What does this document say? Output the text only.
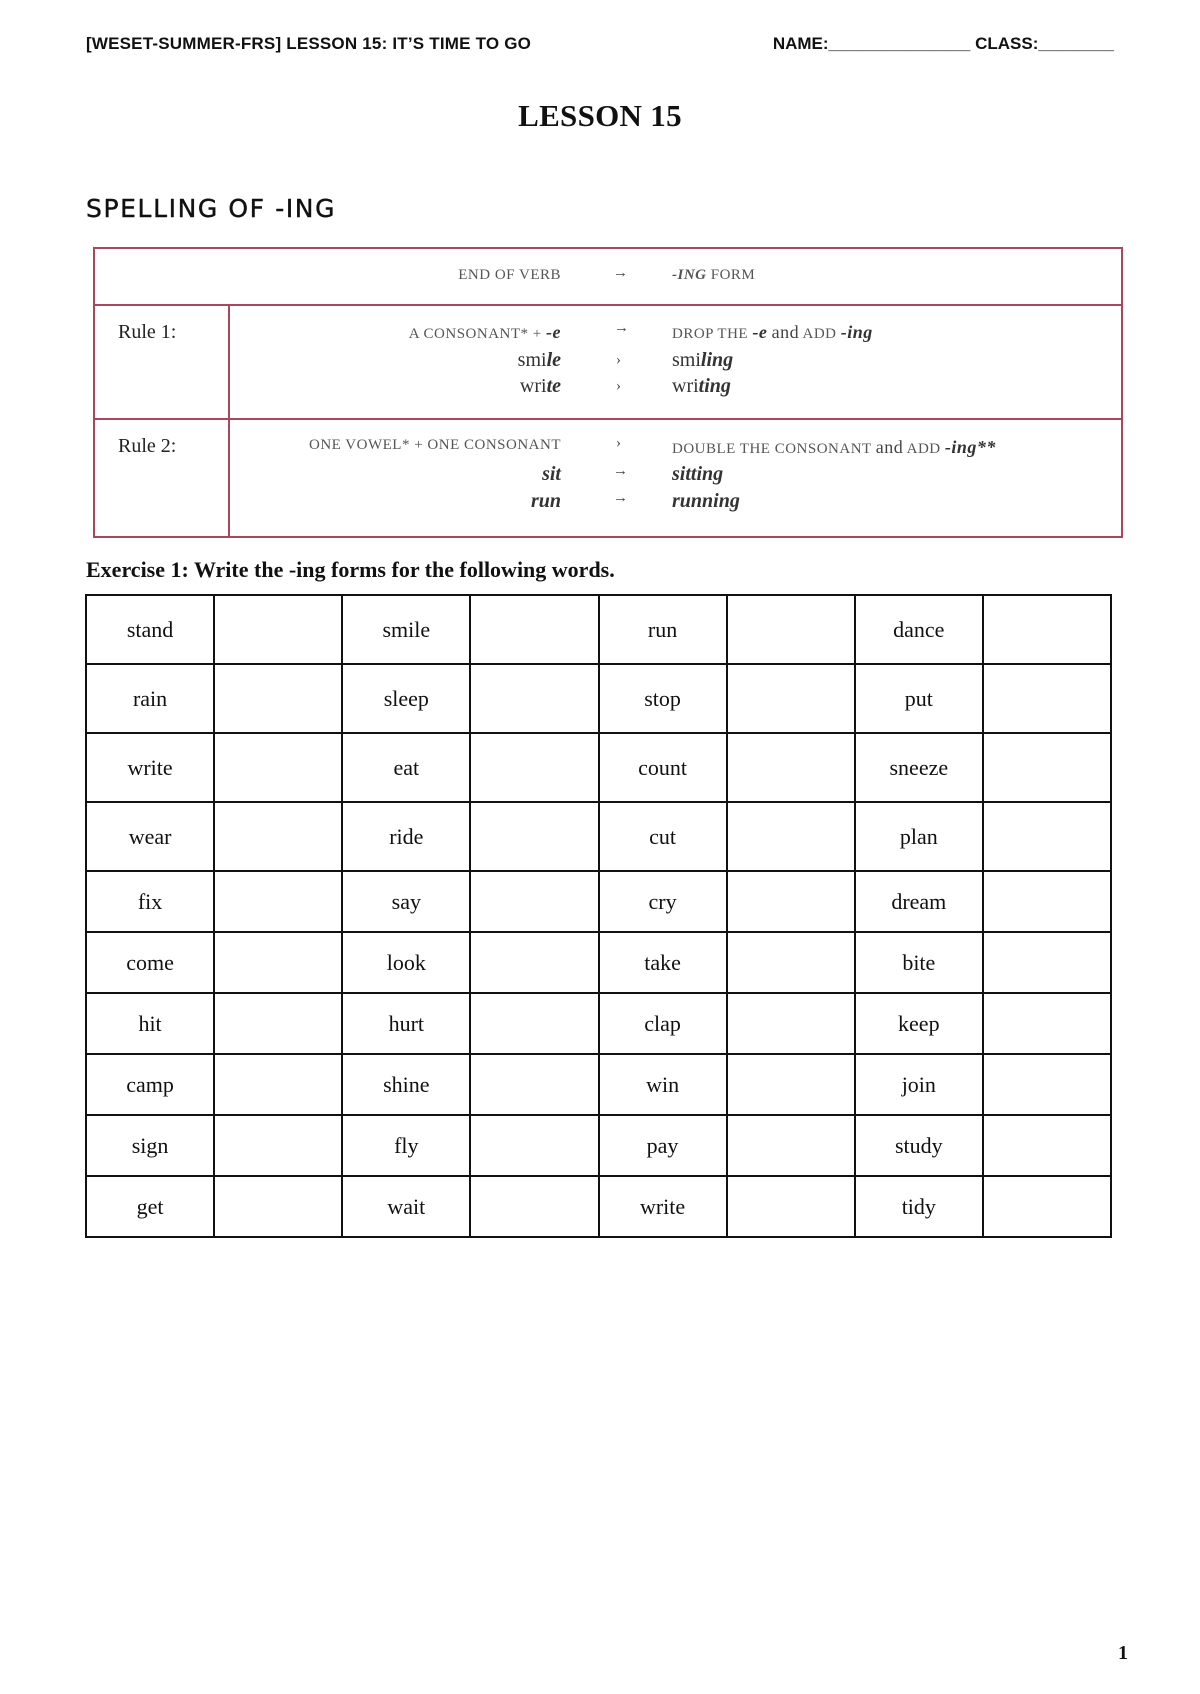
[WESET-SUMMER-FRS] LESSON 15: IT’S TIME TO GO	NAME:_______________ CLASS:________
LESSON 15
SPELLING OF -ING
END OF VERB	→	-ING FORM
Rule 1:	A CONSONANT* + -e	→	DROP THE -e and ADD -ing
smile	›	smiling
write	›	writing
Rule 2:	ONE VOWEL* + ONE CONSONANT	›	DOUBLE THE CONSONANT and ADD -ing**
sit	→ sitting
run	→ running
Exercise 1: Write the -ing forms for the following words.
stand		smile		run		dance	
rain		sleep		stop		put	
write		eat		count		sneeze	
wear		ride		cut		plan	
fix		say		cry		dream	
come		look		take		bite	
hit		hurt		clap		keep	
camp		shine		win		join	
sign		fly		pay		study	
get		wait		write		tidy	
1
